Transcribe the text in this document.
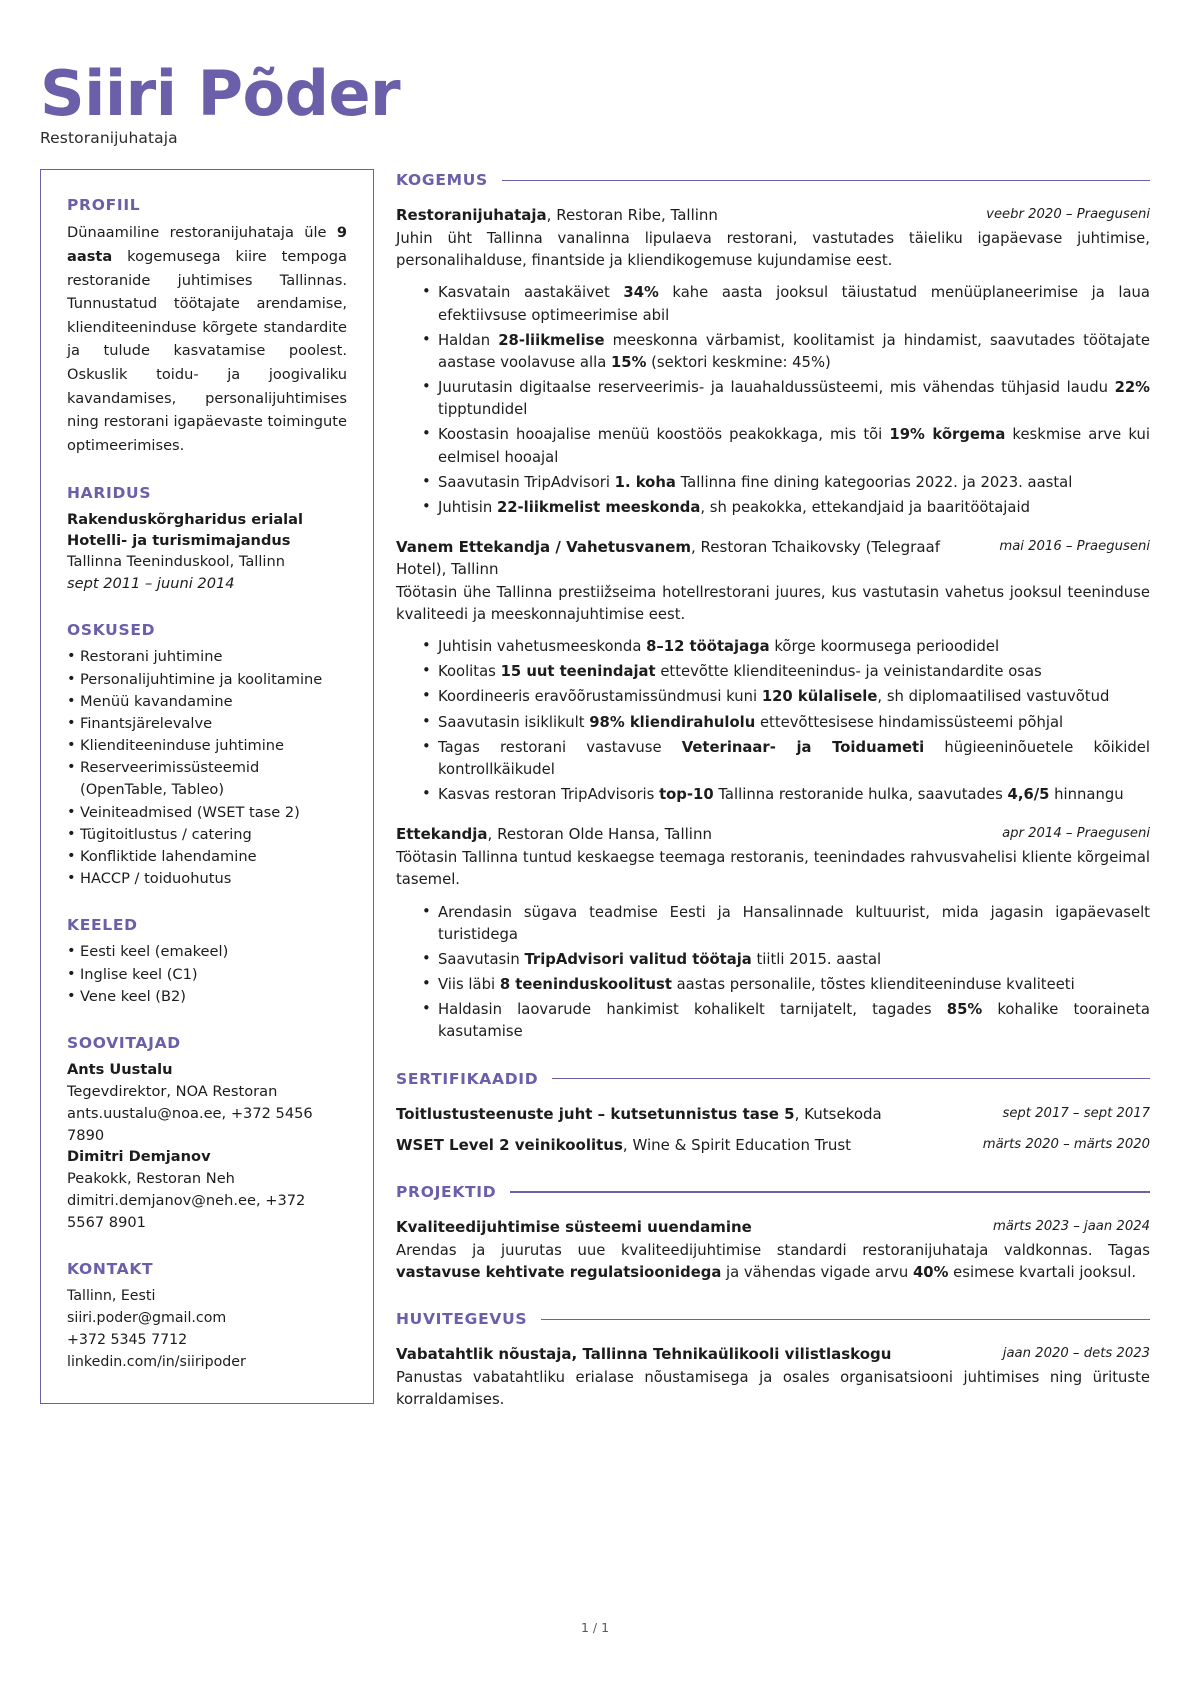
Siiri Põder
Restoranijuhataja
PROFIIL

Dünaamiline restoranijuhataja üle 9 aasta kogemusega kiire tempoga restoranide juhtimises Tallinnas. Tunnustatud töötajate arendamise, klienditeeninduse kõrgete standardite ja tulude kasvatamise poolest. Oskuslik toidu- ja joogivaliku kavandamises, personalijuhtimises ning restorani igapäevaste toimingute optimeerimises.

HARIDUS
Rakenduskõrgharidus erialal
Hotelli- ja turismimajandus
Tallinna Teeninduskool, Tallinn
sept 2011 – juuni 2014
OSKUSED
• Restorani juhtimine
• Personalijuhtimine ja koolitamine
• Menüü kavandamine
• Finantsjärelevalve
• Klienditeeninduse juhtimine
• Reserveerimissüsteemid (OpenTable, Tableo)
• Veiniteadmised (WSET tase 2)
• Tügitoitlustus / catering
• Konfliktide lahendamine
• HACCP / toiduohutus
KEELED
• Eesti keel (emakeel)
• Inglise keel (C1)
• Vene keel (B2)
SOOVITAJAD
Ants Uustalu
Tegevdirektor, NOA Restoran
ants.uustalu@noa.ee, +372 5456 7890
Dimitri Demjanov
Peakokk, Restoran Neh
dimitri.demjanov@neh.ee, +372 5567 8901
KONTAKT
Tallinn, Eesti
siiri.poder@gmail.com
+372 5345 7712
linkedin.com/in/siiripoder
KOGEMUS
Restoranijuhataja, Restoran Ribe, Tallinn	veebr 2020 – Praeguseni

Juhin üht Tallinna vanalinna lipulaeva restorani, vastutades täieliku igapäevase juhtimise, personalihalduse, finantside ja kliendikogemuse kujundamise eest.

• Kasvatain aastakäivet 34% kahe aasta jooksul täiustatud menüüplaneerimise ja laua efektiivsuse optimeerimise abil
• Haldan 28-liikmelise meeskonna värbamist, koolitamist ja hindamist, saavutades töötajate aastase voolavuse alla 15% (sektori keskmine: 45%)
• Juurutasin digitaalse reserveerimis- ja lauahaldussüsteemi, mis vähendas tühjasid laudu 22% tipptundidel
• Koostasin hooajalise menüü koostöös peakokkaga, mis tõi 19% kõrgema keskmise arve kui eelmisel hooajal
• Saavutasin TripAdvisori 1. koha Tallinna fine dining kategoorias 2022. ja 2023. aastal
• Juhtisin 22-liikmelist meeskonda, sh peakokka, ettekandjaid ja baaritöötajaid
Vanem Ettekandja / Vahetusvanem, Restoran Tchaikovsky (Telegraaf Hotel), Tallinn
mai 2016 – Praeguseni

Töötasin ühe Tallinna prestiižseima hotellrestorani juures, kus vastutasin vahetus jooksul teeninduse kvaliteedi ja meeskonnajuhtimise eest.

• Juhtisin vahetusmeeskonda 8–12 töötajaga kõrge koormusega perioodidel
• Koolitas 15 uut teenindajat ettevõtte klienditeenindus- ja veinistandardite osas
• Koordineeris eravõõrustamissündmusi kuni 120 külalisele, sh diplomaatilised vastuvõtud
• Saavutasin isiklikult 98% kliendirahulolu ettevõttesisese hindamissüsteemi põhjal
• Tagas restorani vastavuse Veterinaar- ja Toiduameti hügieeninõuetele kõikidel kontrollkäikudel
• Kasvas restoran TripAdvisoris top-10 Tallinna restoranide hulka, saavutades 4,6/5 hinnangu
Ettekandja, Restoran Olde Hansa, Tallinn	apr 2014 – Praeguseni

Töötasin Tallinna tuntud keskaegse teemaga restoranis, teenindades rahvusvahelisi kliente kõrgeimal tasemel.

• Arendasin sügava teadmise Eesti ja Hansalinnade kultuurist, mida jagasin igapäevaselt turistidega
• Saavutasin TripAdvisori valitud töötaja tiitli 2015. aastal
• Viis läbi 8 teeninduskoolitust aastas personalile, tõstes klienditeeninduse kvaliteeti
• Haldasin laovarude hankimist kohalikelt tarnijatelt, tagades 85% kohalike tooraineta kasutamise
SERTIFIKAADID
Toitlustusteenuste juht – kutsetunnistus tase 5, Kutsekoda	sept 2017 – sept 2017
WSET Level 2 veinikoolitus, Wine & Spirit Education Trust	märts 2020 – märts 2020
PROJEKTID
Kvaliteedijuhtimise süsteemi uuendamine	märts 2023 – jaan 2024

Arendas ja juurutas uue kvaliteedijuhtimise standardi restoranijuhataja valdkonnas. Tagas vastavuse kehtivate regulatsioonidega ja vähendas vigade arvu 40% esimese kvartali jooksul.

HUVITEGEVUS
Vabatahtlik nõustaja, Tallinna Tehnikaülikooli vilistlaskogu	jaan 2020 – dets 2023

Panustas vabatahtliku erialase nõustamisega ja osales organisatsiooni juhtimises ning ürituste korraldamises.

1 / 1
